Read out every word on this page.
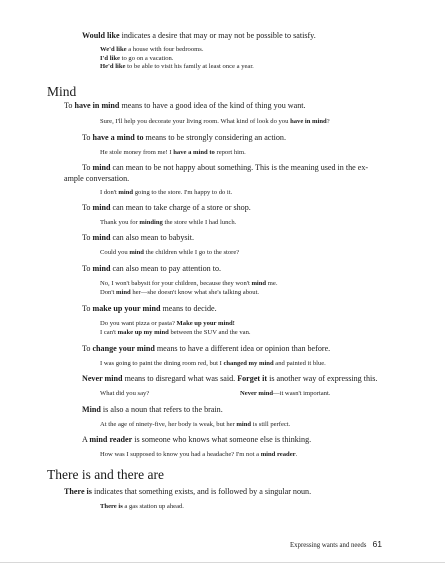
Would like indicates a desire that may or may not be possible to satisfy.

We'd like a house with four bedrooms.
I'd like to go on a vacation.
He'd like to be able to visit his family at least once a year.
Mind

To have in mind means to have a good idea of the kind of thing you want.

Sure, I'll help you decorate your living room. What kind of look do you have in mind?

To have a mind to means to be strongly considering an action.

He stole money from me! I have a mind to report him.

To mind can mean to be not happy about something. This is the meaning used in the ex-
ample conversation.

I don't mind going to the store. I'm happy to do it.

To mind can mean to take charge of a store or shop.

Thank you for minding the store while I had lunch.

To mind can also mean to babysit.

Could you mind the children while I go to the store?

To mind can also mean to pay attention to.

No, I won't babysit for your children, because they won't mind me.
Don't mind her—she doesn't know what she's talking about.

To make up your mind means to decide.

Do you want pizza or pasta? Make up your mind!
I can't make up my mind between the SUV and the van.

To change your mind means to have a different idea or opinion than before.

I was going to paint the dining room red, but I changed my mind and painted it blue.

Never mind means to disregard what was said. Forget it is another way of expressing this.

What did you say?	Never mind—it wasn't important.

Mind is also a noun that refers to the brain.

At the age of ninety-five, her body is weak, but her mind is still perfect.

A mind reader is someone who knows what someone else is thinking.

How was I supposed to know you had a headache? I'm not a mind reader.

There is and there are

There is indicates that something exists, and is followed by a singular noun.

There is a gas station up ahead.

Expressing wants and needs 61
